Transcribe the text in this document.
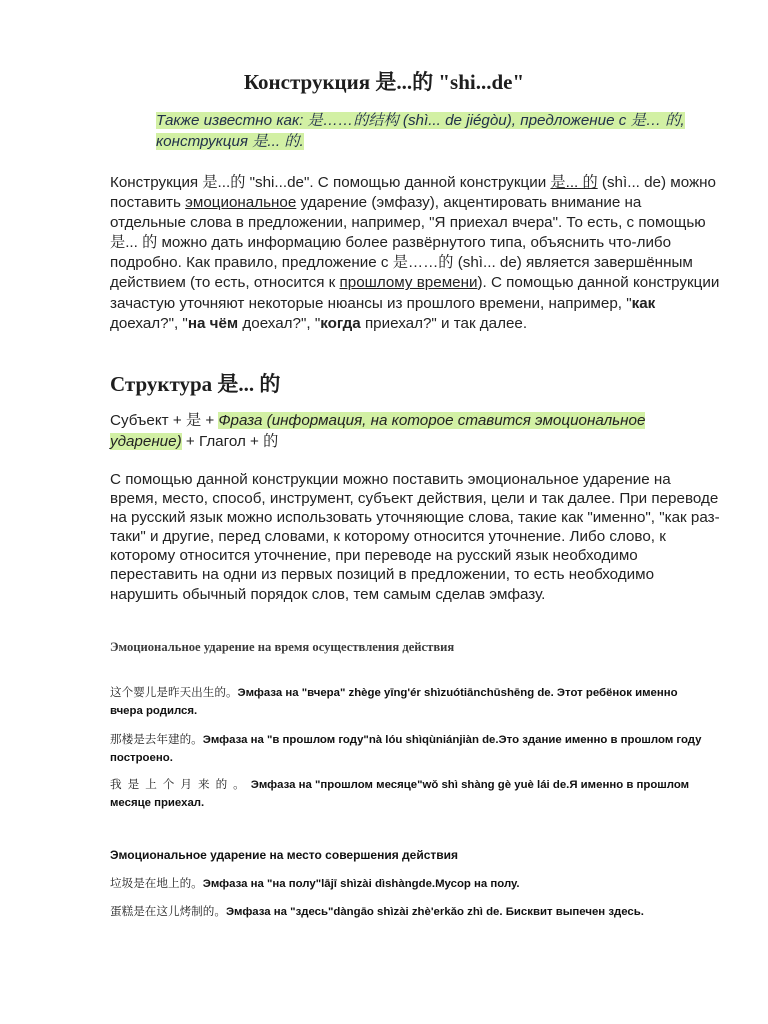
Конструкция 是...的 "shi...de"
Также известно как: 是……的结构 (shì... de jiégòu), предложение с 是… 的, конструкция 是... 的.
Конструкция 是...的 "shi...de". С помощью данной конструкции 是... 的 (shì... de) можно поставить эмоциональное ударение (эмфазу), акцентировать внимание на отдельные слова в предложении, например, "Я приехал вчера". То есть, с помощью 是... 的 можно дать информацию более развёрнутого типа, объяснить что-либо подробно. Как правило, предложение с 是……的 (shì... de) является завершённым действием (то есть, относится к прошлому времени). С помощью данной конструкции зачастую уточняют некоторые нюансы из прошлого времени, например, "как доехал?", "на чём доехал?", "когда приехал?" и так далее.
Структура 是... 的
Субъект + 是 + Фраза (информация, на которое ставится эмоциональное ударение) + Глагол + 的
С помощью данной конструкции можно поставить эмоциональное ударение на время, место, способ, инструмент, субъект действия, цели и так далее. При переводе на русский язык можно использовать уточняющие слова, такие как "именно", "как раз-таки" и другие, перед словами, к которому относится уточнение. Либо слово, к которому относится уточнение, при переводе на русский язык необходимо переставить на одни из первых позиций в предложении, то есть необходимо нарушить обычный порядок слов, тем самым сделав эмфазу.
Эмоциональное ударение на время осуществления действия
这个婴儿是昨天出生的。Эмфаза на "вчера" zhège yīng'ér shìzuótiānchūshēng de. Этот ребёнок именно вчера родился.
那楼是去年建的。Эмфаза на "в прошлом году"nà lóu shìqùniánjiàn de.Это здание именно в прошлом году построено.
我是上个月来的。Эмфаза на "прошлом месяце"wǒ shì shàng gè yuè lái de.Я именно в прошлом месяце приехал.
Эмоциональное ударение на место совершения действия
垃圾是在地上的。Эмфаза на "на полу"lājī shìzài dìshàngde.Мусор на полу.
蛋糕是在这儿烤制的。Эмфаза на "здесь"dàngāo shìzài zhè'erkǎo zhì de. Бисквит выпечен здесь.
